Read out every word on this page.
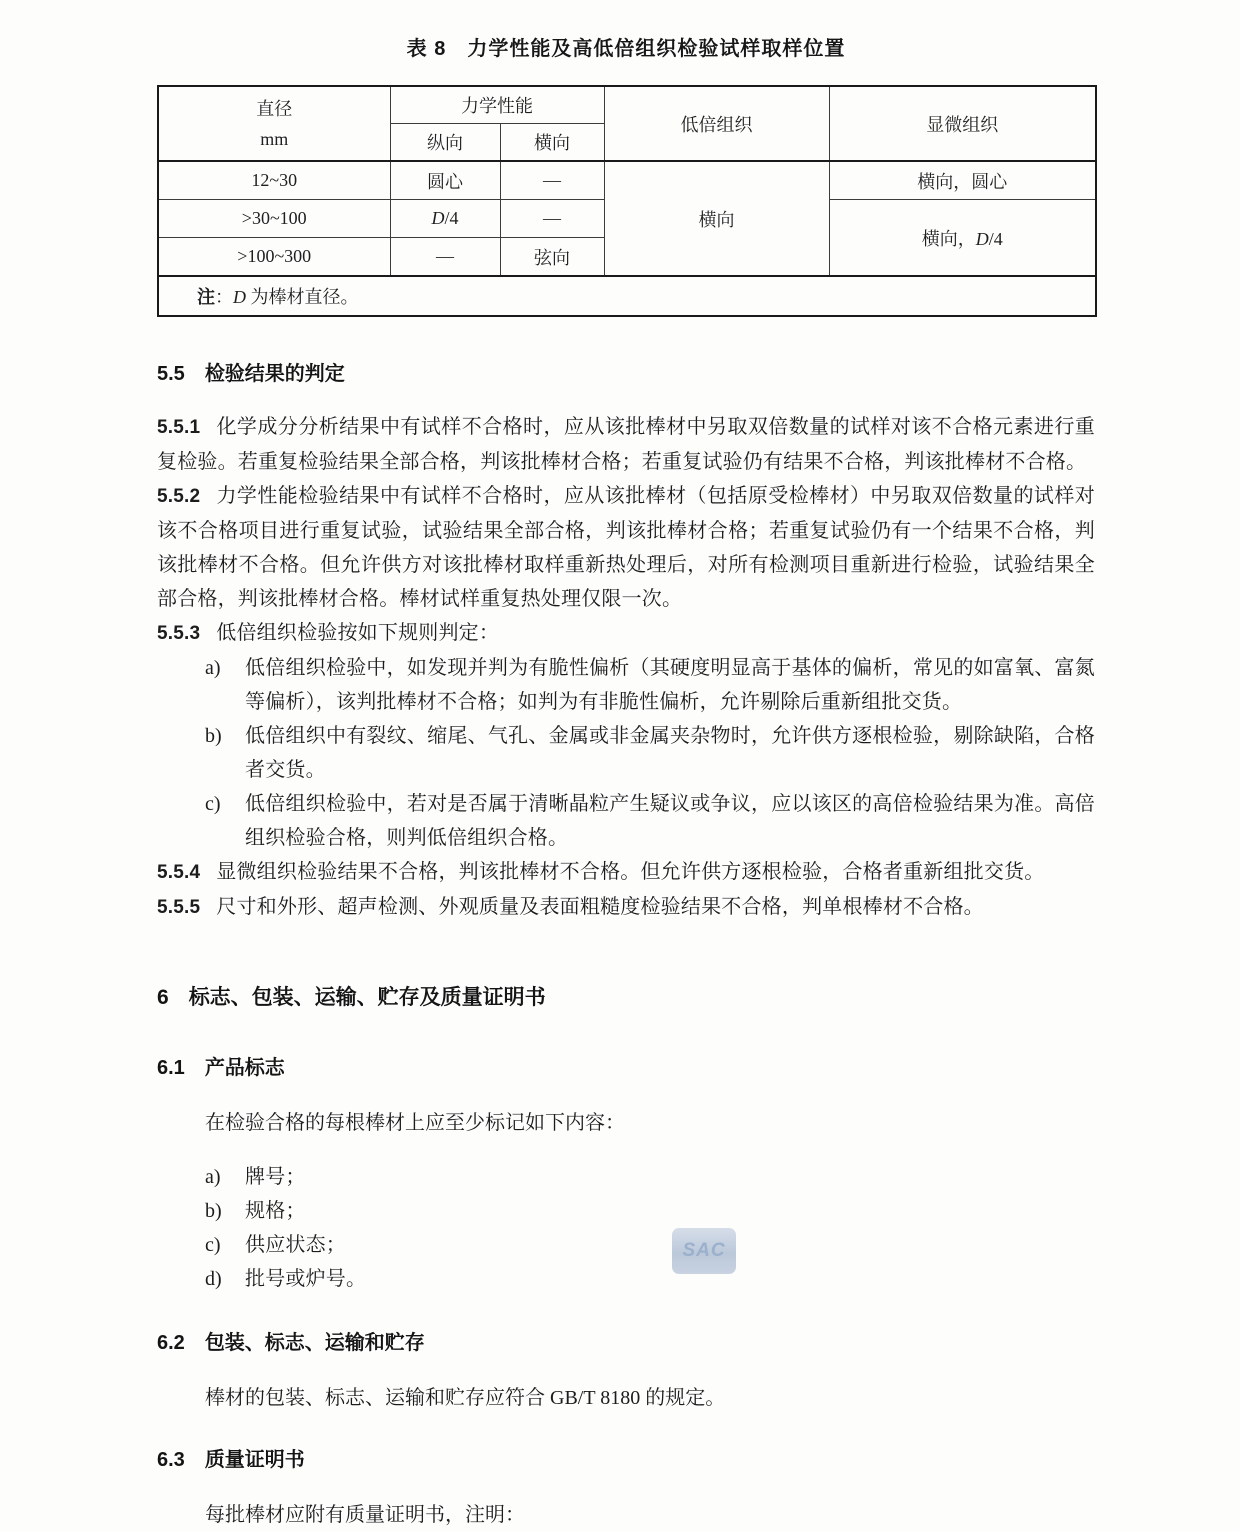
SAC
表 8　力学性能及高低倍组织检验试样取样位置
直径
mm	力学性能		低倍组织	显微组织
	纵向	横向		
12~30	圆心	—	横向	横向，圆心
>30~100	D/4	—		横向，D/4
>100~300	—	弦向		
注：D 为棒材直径。				

5.5 检验结果的判定

5.5.1 化学成分分析结果中有试样不合格时，应从该批棒材中另取双倍数量的试样对该不合格元素进行重复检验。若重复检验结果全部合格，判该批棒材合格；若重复试验仍有结果不合格，判该批棒材不合格。

5.5.2 力学性能检验结果中有试样不合格时，应从该批棒材（包括原受检棒材）中另取双倍数量的试样对该不合格项目进行重复试验，试验结果全部合格，判该批棒材合格；若重复试验仍有一个结果不合格，判该批棒材不合格。但允许供方对该批棒材取样重新热处理后，对所有检测项目重新进行检验，试验结果全部合格，判该批棒材合格。棒材试样重复热处理仅限一次。

5.5.3 低倍组织检验按如下规则判定：

a)	低倍组织检验中，如发现并判为有脆性偏析（其硬度明显高于基体的偏析，常见的如富氧、富氮等偏析），该判批棒材不合格；如判为有非脆性偏析，允许剔除后重新组批交货。
b)	低倍组织中有裂纹、缩尾、气孔、金属或非金属夹杂物时，允许供方逐根检验，剔除缺陷，合格者交货。
c)	低倍组织检验中，若对是否属于清晰晶粒产生疑议或争议，应以该区的高倍检验结果为准。高倍组织检验合格，则判低倍组织合格。

5.5.4 显微组织检验结果不合格，判该批棒材不合格。但允许供方逐根检验，合格者重新组批交货。

5.5.5 尺寸和外形、超声检测、外观质量及表面粗糙度检验结果不合格，判单根棒材不合格。

6 标志、包装、运输、贮存及质量证明书

6.1 产品标志

在检验合格的每根棒材上应至少标记如下内容：

a)	牌号；
b)	规格；
c)	供应状态；
d)	批号或炉号。

6.2 包装、标志、运输和贮存

棒材的包装、标志、运输和贮存应符合 GB/T 8180 的规定。

6.3 质量证明书

每批棒材应附有质量证明书，注明：
